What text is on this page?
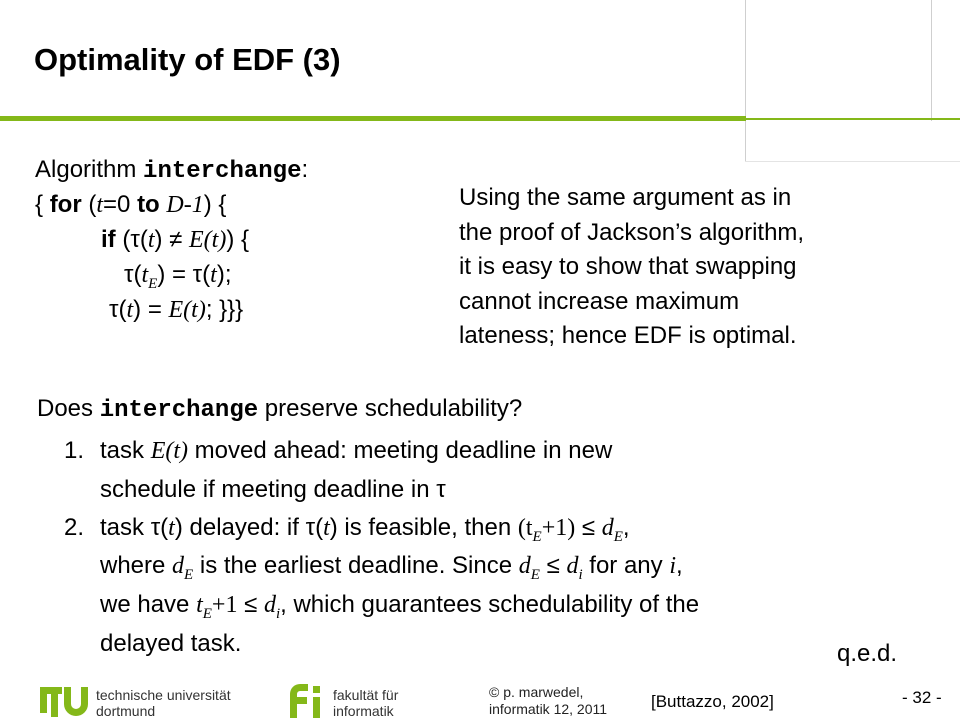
Optimality of EDF (3)
Algorithm interchange:
{ for (t=0 to D-1) {
if (τ(t) ≠ E(t)) {
$\tau(t_E) = \tau(t)$;
τ(t) = E(t); }}}
Using the same argument as in
the proof of Jackson’s algorithm,
it is easy to show that swapping
cannot increase maximum
lateness; hence EDF is optimal.
Does interchange preserve schedulability?
1. task E(t) moved ahead: meeting deadline in new
schedule if meeting deadline in τ
2. task τ(t) delayed: if τ(t) is feasible, then $(t_E+1) \le d_E$,
where $d_E$ is the earliest deadline. Since $d_E \le d_i$ for any i,
we have $t_E+1 \le d_i$, which guarantees schedulability of the
delayed task.	q.e.d.
technische universität
dortmund
fakultät für
informatik
© p. marwedel,
informatik 12, 2011	[Buttazzo, 2002]	- 32 -
